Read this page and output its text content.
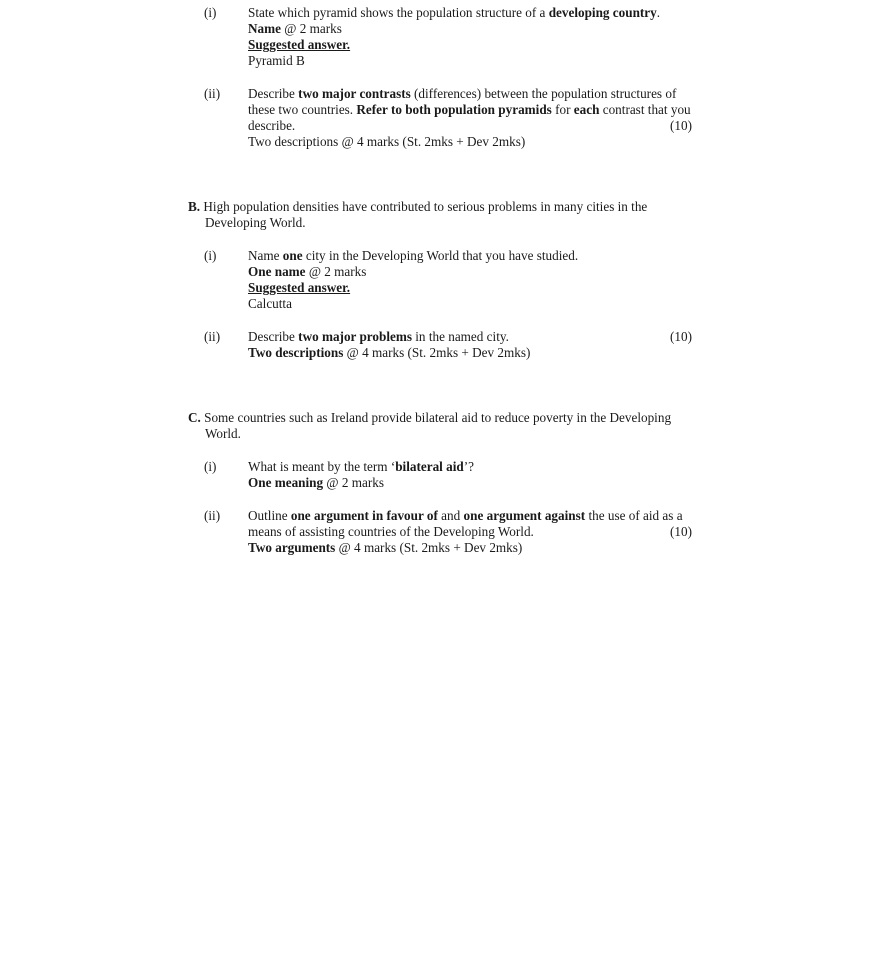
(i) State which pyramid shows the population structure of a developing country.
Name @ 2 marks
Suggested answer.
Pyramid B
(ii) Describe two major contrasts (differences) between the population structures of
these two countries. Refer to both population pyramids for each contrast that you
describe.	(10)
Two descriptions @ 4 marks (St. 2mks + Dev 2mks)
B. High population densities have contributed to serious problems in many cities in the
Developing World.
(i) Name one city in the Developing World that you have studied.
One name @ 2 marks
Suggested answer.
Calcutta
(ii) Describe two major problems in the named city.	(10)
Two descriptions @ 4 marks (St. 2mks + Dev 2mks)
C. Some countries such as Ireland provide bilateral aid to reduce poverty in the Developing
World.
(i) What is meant by the term ‘bilateral aid’?
One meaning @ 2 marks
(ii) Outline one argument in favour of and one argument against the use of aid as a
means of assisting countries of the Developing World.	(10)
Two arguments @ 4 marks (St. 2mks + Dev 2mks)
